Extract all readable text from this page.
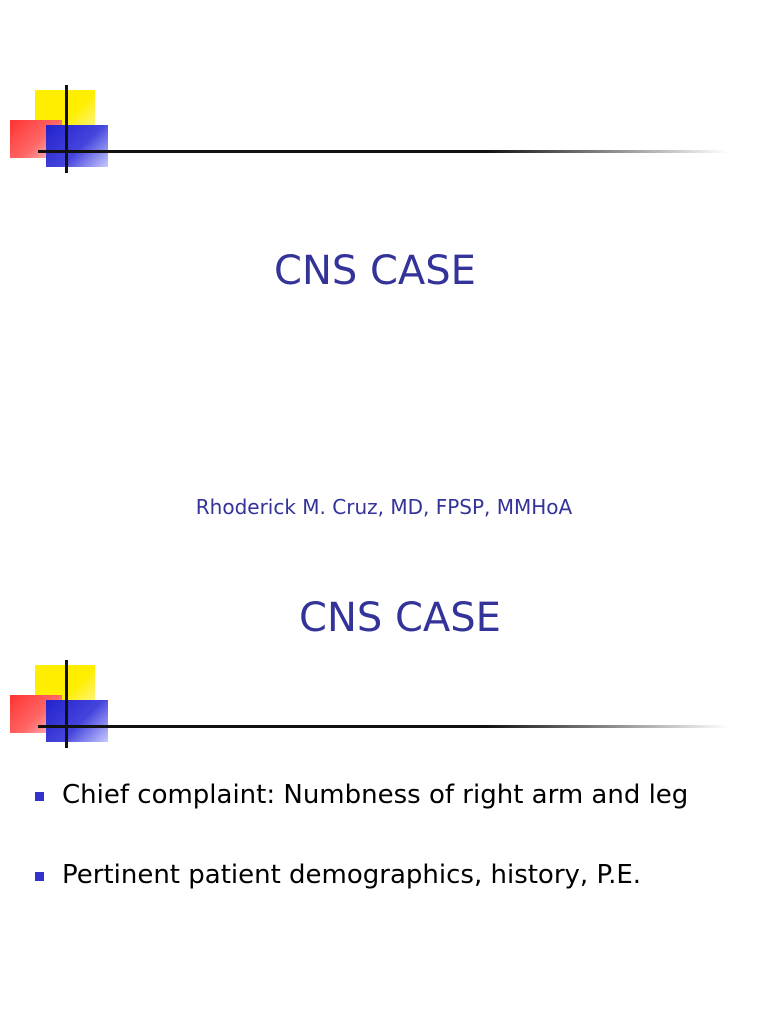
CNS CASE
Rhoderick M. Cruz, MD, FPSP, MMHoA
CNS CASE
Chief complaint: Numbness of right arm and leg
Pertinent patient demographics, history, P.E.
